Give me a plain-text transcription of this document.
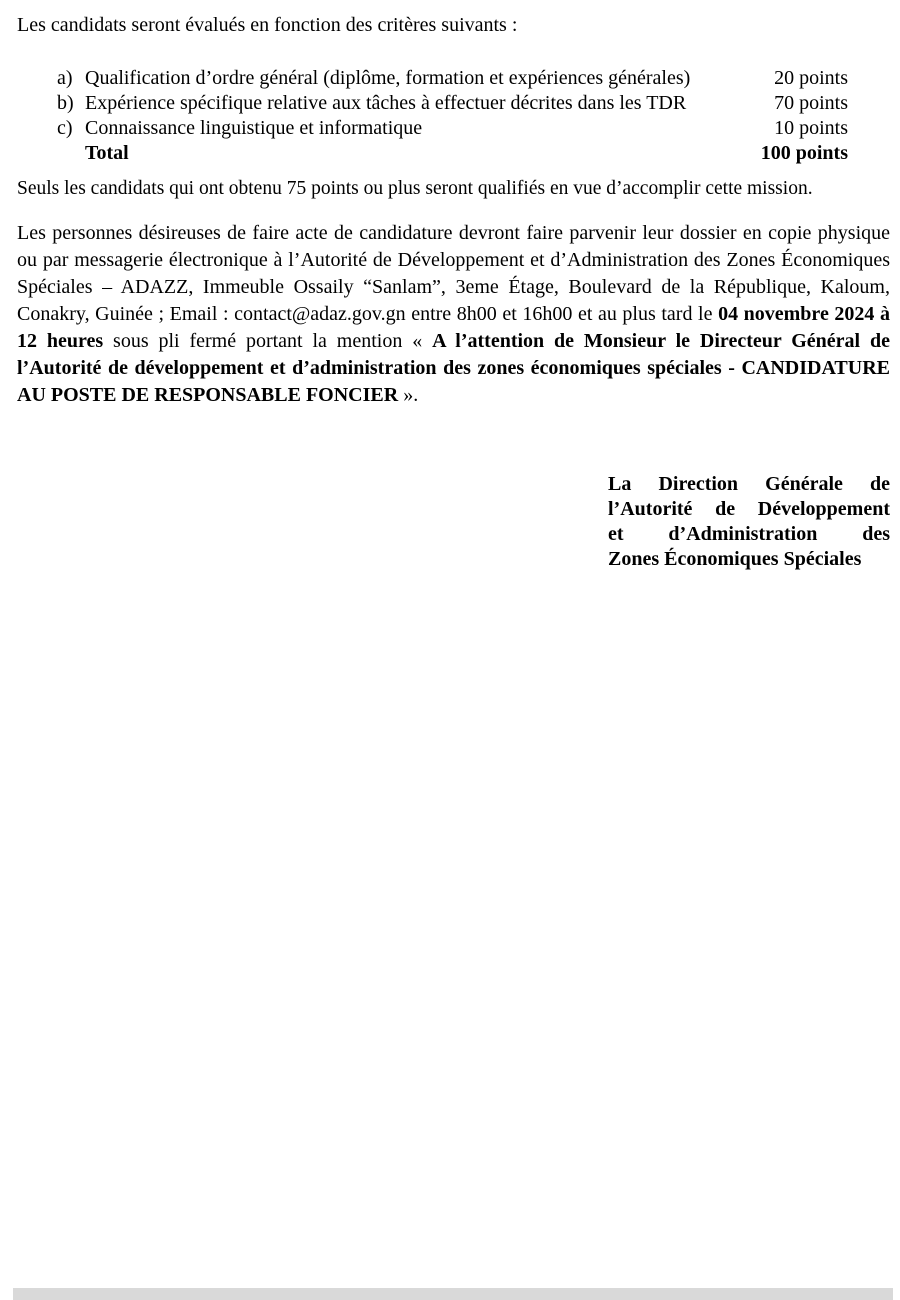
Les candidats seront évalués en fonction des critères suivants :

a) Qualification d’ordre général (diplôme, formation et expériences générales)	20 points
b) Expérience spécifique relative aux tâches à effectuer décrites dans les TDR	70 points
c) Connaissance linguistique et informatique	10 points
Total	100 points

Seuls les candidats qui ont obtenu 75 points ou plus seront qualifiés en vue d’accomplir cette mission.

Les personnes désireuses de faire acte de candidature devront faire parvenir leur dossier en copie physique ou par messagerie électronique à l’Autorité de Développement et d’Administration des Zones Économiques Spéciales – ADAZZ, Immeuble Ossaily “Sanlam”, 3eme Étage, Boulevard de la République, Kaloum, Conakry, Guinée ; Email : contact@adaz.gov.gn entre 8h00 et 16h00 et au plus tard le 04 novembre 2024 à 12 heures sous pli fermé portant la mention « A l’attention de Monsieur le Directeur Général de l’Autorité de développement et d’administration des zones économiques spéciales - CANDIDATURE AU POSTE DE RESPONSABLE FONCIER ».

La Direction Générale de
l’Autorité de Développement
et d’Administration des
Zones Économiques Spéciales
